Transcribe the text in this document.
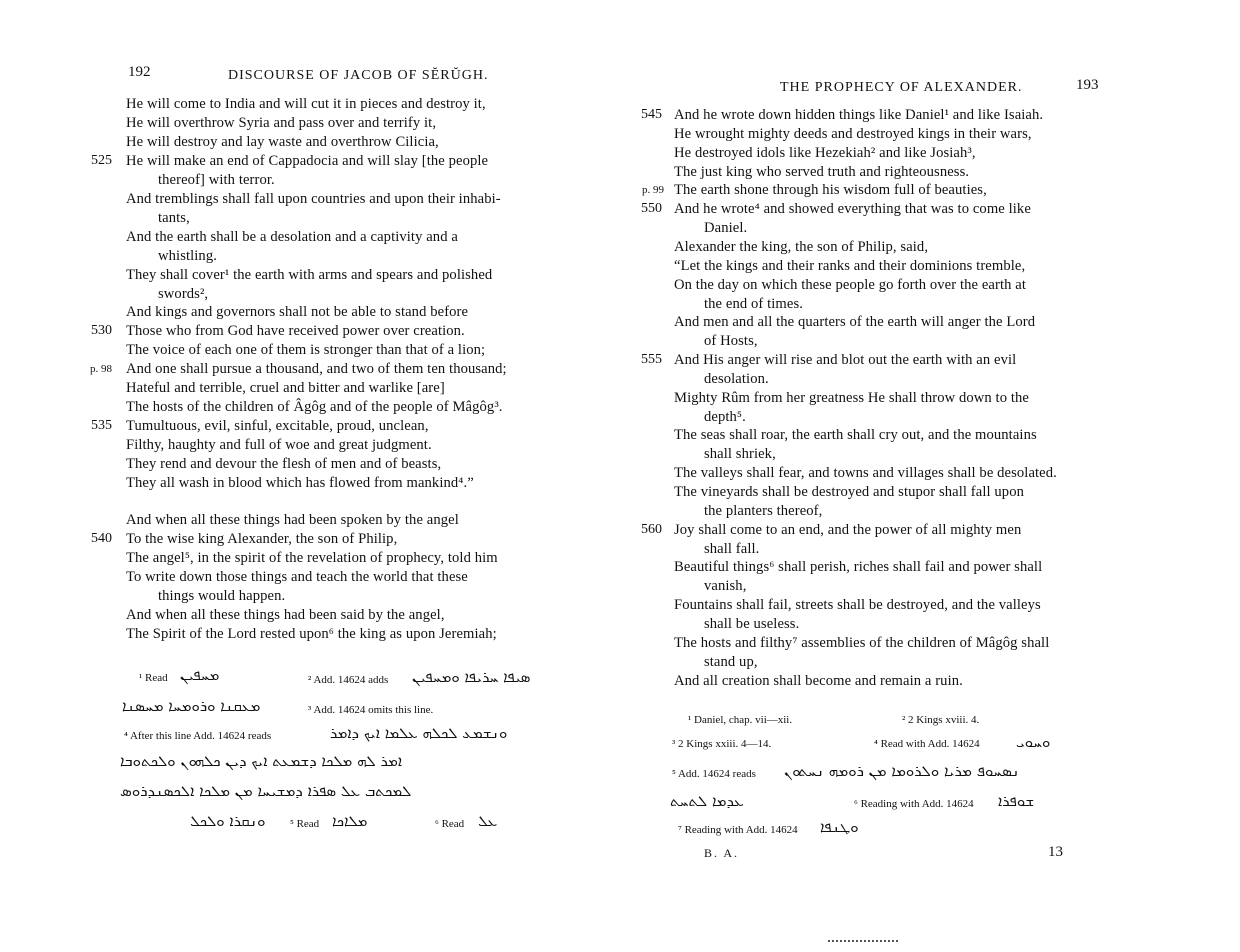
192	DISCOURSE OF JACOB OF SĔRŬGH.
He will come to India and will cut it in pieces and destroy it,
He will overthrow Syria and pass over and terrify it,
He will destroy and lay waste and overthrow Cilicia,
He will make an end of Cappadocia and will slay [the people
525
thereof] with terror.
And tremblings shall fall upon countries and upon their inhabi-
tants,
And the earth shall be a desolation and a captivity and a
whistling.
They shall cover¹ the earth with arms and spears and polished
swords²,
And kings and governors shall not be able to stand before
Those who from God have received power over creation.
530
The voice of each one of them is stronger than that of a lion;
And one shall pursue a thousand, and two of them ten thousand;
p. 98
Hateful and terrible, cruel and bitter and warlike [are]
The hosts of the children of Âgôg and of the people of Mâgôg³.
Tumultuous, evil, sinful, excitable, proud, unclean,
535
Filthy, haughty and full of woe and great judgment.
They rend and devour the flesh of men and of beasts,
They all wash in blood which has flowed from mankind⁴.”
And when all these things had been spoken by the angel
To the wise king Alexander, the son of Philip,
540
The angel⁵, in the spirit of the revelation of prophecy, told him
To write down those things and teach the world that these
things would happen.
And when all these things had been said by the angel,
The Spirit of the Lord rested upon⁶ the king as upon Jeremiah;
¹ Read ܡܚܦܝܢ	² Add. 14624 adds ܣܝܦܐ ܚܪܝܦܐ ܘܡܚܦܝܢ
ܡܥܩܢܐ ܘܪܘܡܚܐ ܡܚܣܢܐ	³ Add. 14624 omits this line.
⁴ After this line Add. 14624 reads	ܘܢܫܡܥ ܠܟܠܗ ܥܠܡܐ ܐܝܟ ܕܐܡܪ
ܐܡܪ ܠܗ ܡܠܟܐ ܕܫܡܥܬ ܐܝܟ ܕܝܢ ܟܠܗܘܢ ܘܠܟܬܘܒܐ
ܠܡܟܬܒ ܥܠ ܣܦܪܐ ܕܡܫܝܚܐ ܡܢ ܡܠܟܐ ܐܠܟܣܢܕܪܘܣ
ܘܢܩܪܐ ܘܠܟܠ ⁵ Read ܡܠܐܟܐ	⁶ Read ܥܠ
THE PROPHECY OF ALEXANDER.	193
And he wrote down hidden things like Daniel¹ and like Isaiah.
545
He wrought mighty deeds and destroyed kings in their wars,
He destroyed idols like Hezekiah² and like Josiah³,
The just king who served truth and righteousness.
The earth shone through his wisdom full of beauties,
p. 99
And he wrote⁴ and showed everything that was to come like
550
Daniel.
Alexander the king, the son of Philip, said,
“Let the kings and their ranks and their dominions tremble,
On the day on which these people go forth over the earth at
the end of times.
And men and all the quarters of the earth will anger the Lord
of Hosts,
And His anger will rise and blot out the earth with an evil
555
desolation.
Mighty Rûm from her greatness He shall throw down to the
depth⁵.
The seas shall roar, the earth shall cry out, and the mountains
shall shriek,
The valleys shall fear, and towns and villages shall be desolated.
The vineyards shall be destroyed and stupor shall fall upon
the planters thereof,
Joy shall come to an end, and the power of all mighty men
560
shall fall.
Beautiful things⁶ shall perish, riches shall fail and power shall
vanish,
Fountains shall fail, streets shall be destroyed, and the valleys
shall be useless.
The hosts and filthy⁷ assemblies of the children of Mâgôg shall
stand up,
And all creation shall become and remain a ruin.
¹ Daniel, chap. vii—xii.	² 2 Kings xviii. 4.
³ 2 Kings xxiii. 4—14.	⁴ Read with Add. 14624 ܘܚܘܝ
⁵ Add. 14624 reads ܢܣܚܘܦ ܡܪܝܐ ܘܠܪܘܡܐ ܡܢ ܪܘܡܗ ܢܚܬܘܢ
ܥܕܡܐ ܠܬܚܬ	⁶ Reading with Add. 14624 ܫܘܦܪܐ
⁷ Reading with Add. 14624 ܘܛܢܦܐ
B. A.	13
